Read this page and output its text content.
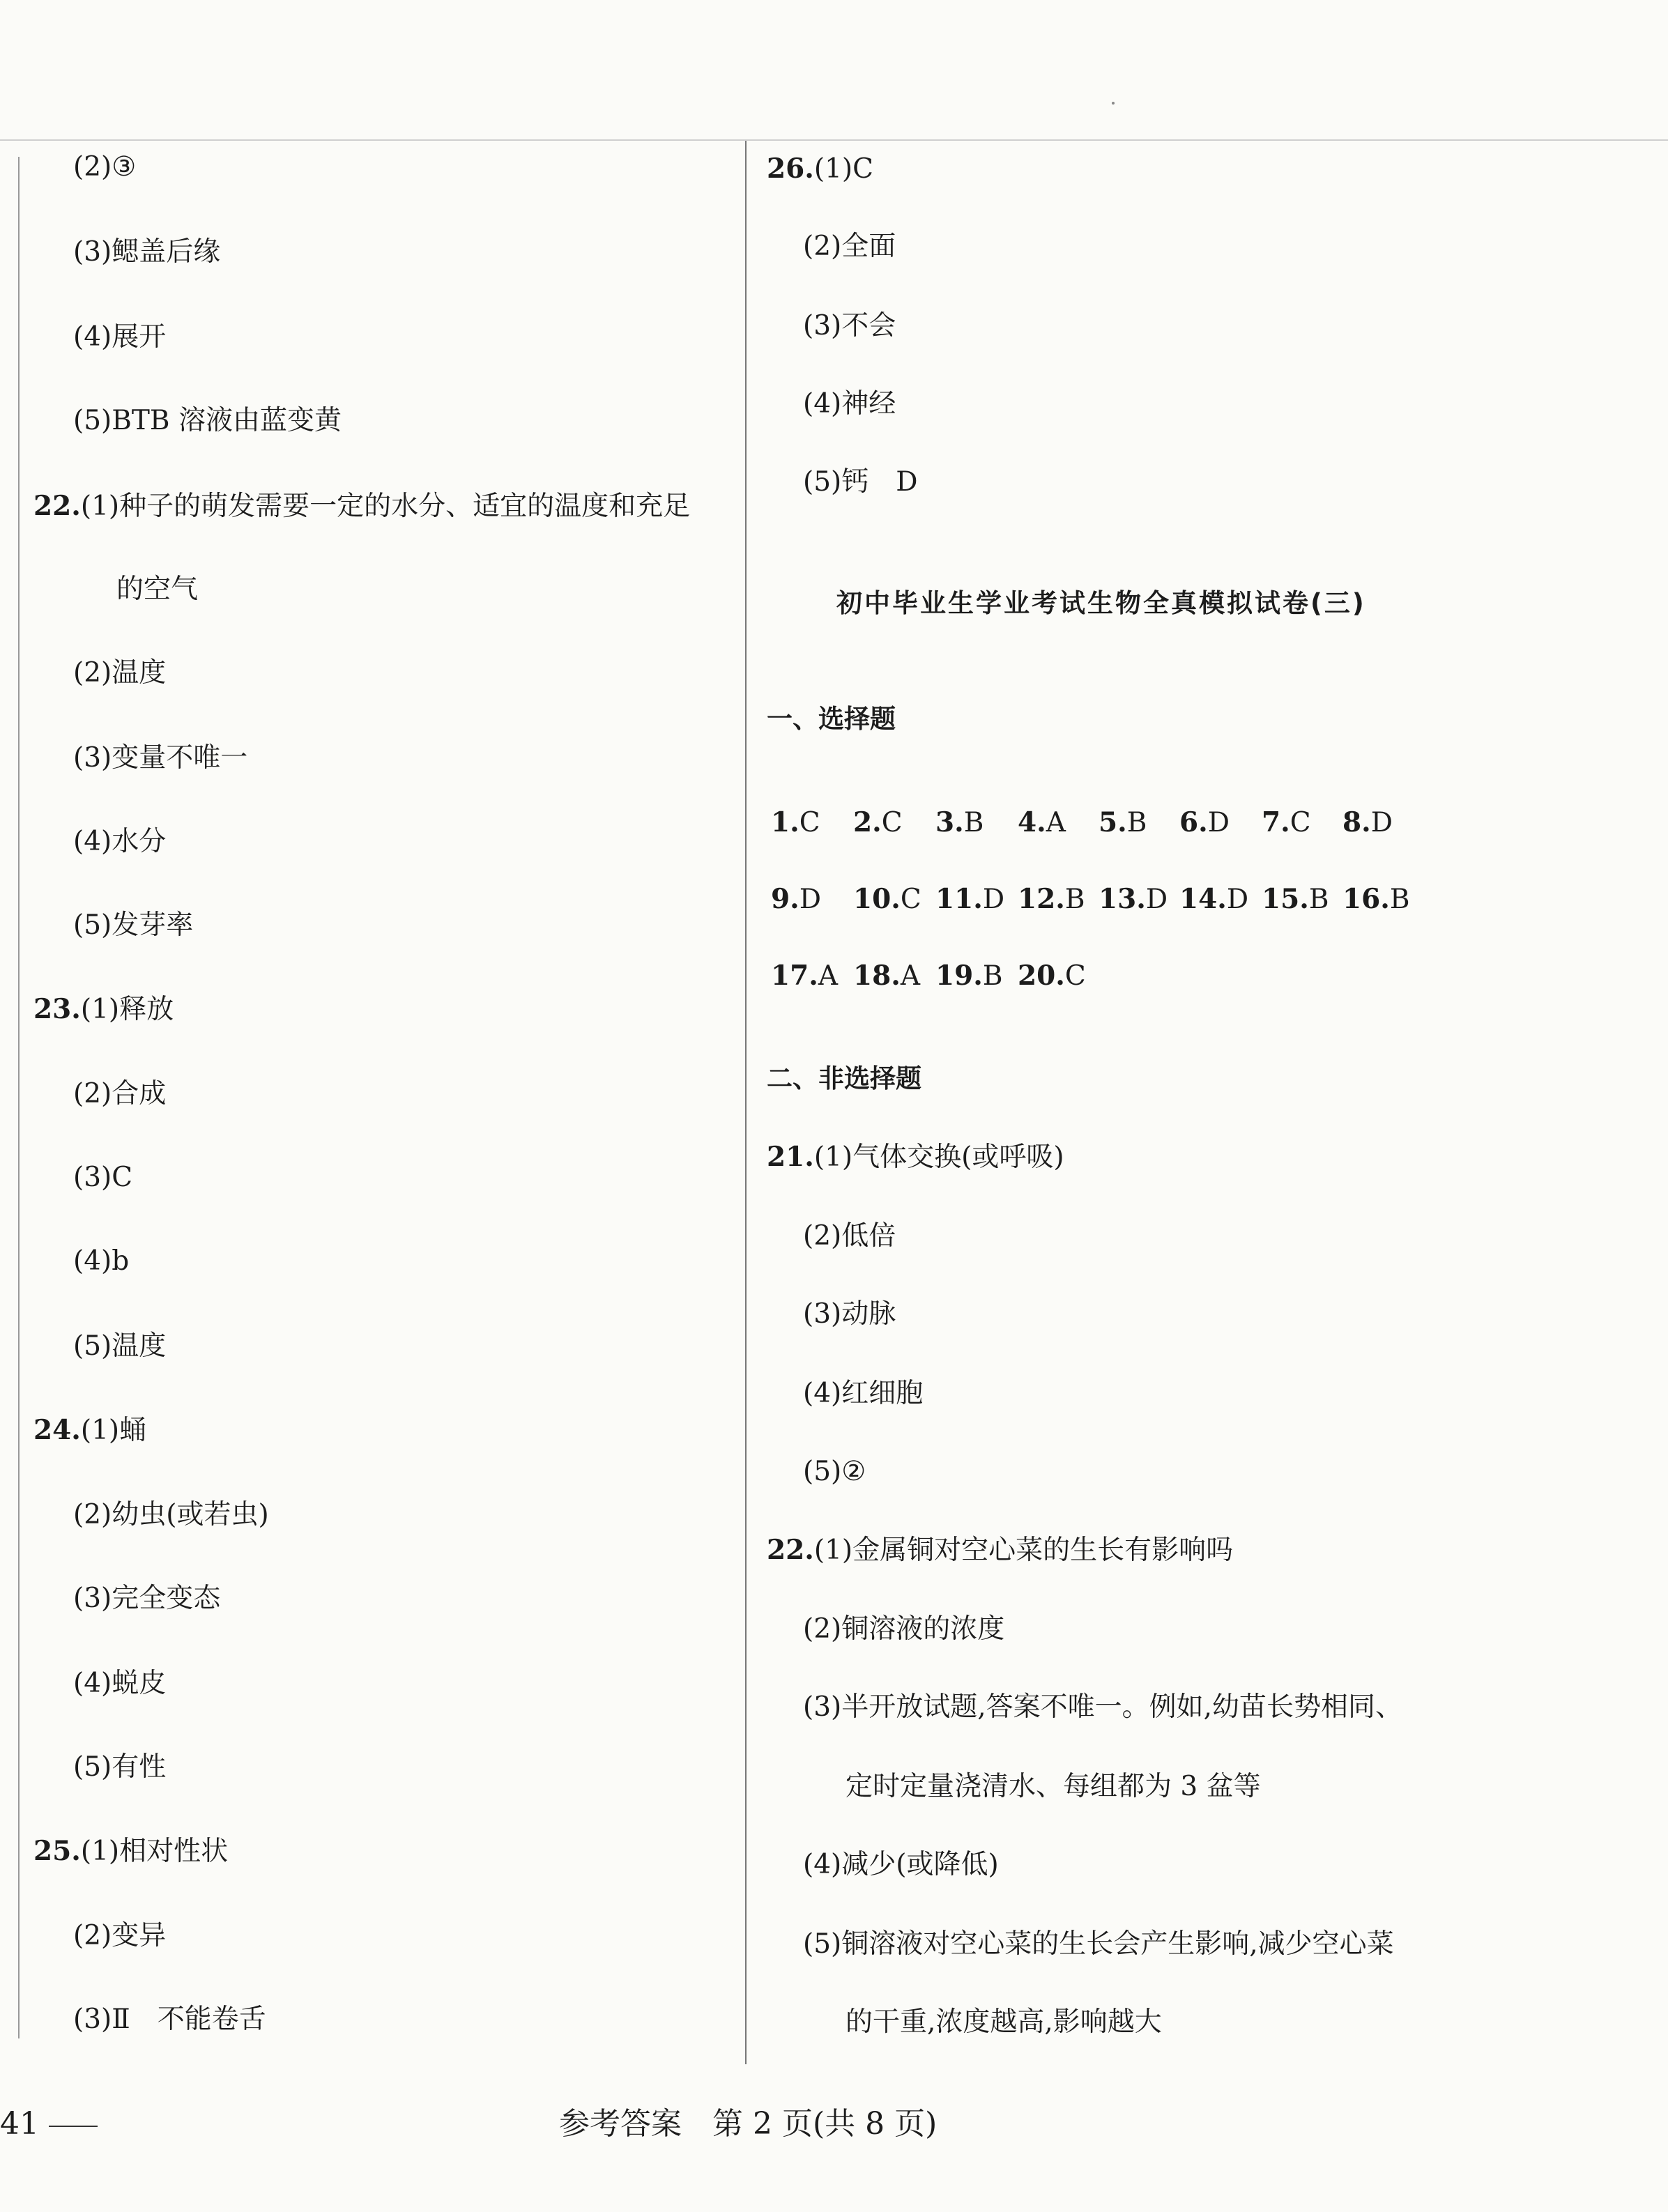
(2)③
(3)鳃盖后缘
(4)展开
(5)BTB 溶液由蓝变黄
22.(1)种子的萌发需要一定的水分、适宜的温度和充足
的空气
(2)温度
(3)变量不唯一
(4)水分
(5)发芽率
23.(1)释放
(2)合成
(3)C
(4)b
(5)温度
24.(1)蛹
(2)幼虫(或若虫)
(3)完全变态
(4)蜕皮
(5)有性
25.(1)相对性状
(2)变异
(3)Ⅱ　不能卷舌
26.(1)C
(2)全面
(3)不会
(4)神经
(5)钙　D
初中毕业生学业考试生物全真模拟试卷(三)
一、选择题
1.C 2.C 3.B 4.A 5.B 6.D 7.C 8.D
9.D 10.C 11.D 12.B 13.D 14.D 15.B 16.B
17.A 18.A 19.B 20.C
二、非选择题
21.(1)气体交换(或呼吸)
(2)低倍
(3)动脉
(4)红细胞
(5)②
22.(1)金属铜对空心菜的生长有影响吗
(2)铜溶液的浓度
(3)半开放试题,答案不唯一。例如,幼苗长势相同、
定时定量浇清水、每组都为 3 盆等
(4)减少(或降低)
(5)铜溶液对空心菜的生长会产生影响,减少空心菜
的干重,浓度越高,影响越大
41	参考答案　第 2 页(共 8 页)
